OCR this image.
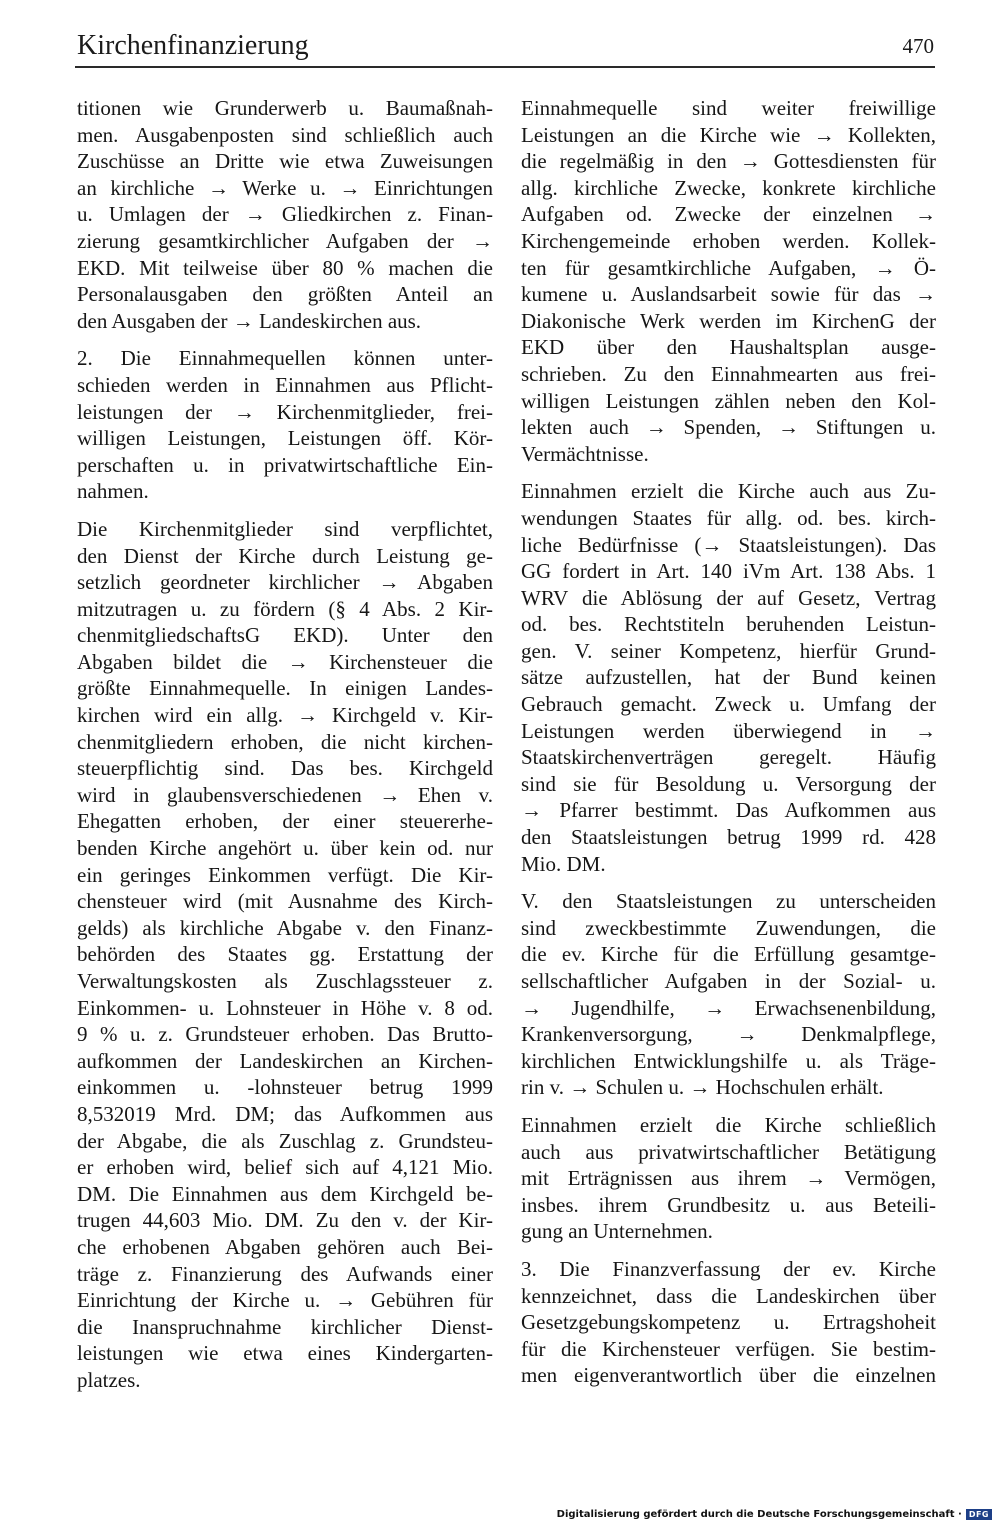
Kirchenfinanzierung	470
titionen wie Grunderwerb u. Baumaßnah-
men. Ausgabenposten sind schließlich auch
Zuschüsse an Dritte wie etwa Zuweisungen
an kirchliche → Werke u. → Einrichtungen
u. Umlagen der → Gliedkirchen z. Finan-
zierung gesamtkirchlicher Aufgaben der →
EKD. Mit teilweise über 80 % machen die
Personalausgaben den größten Anteil an
den Ausgaben der → Landeskirchen aus.
2. Die Einnahmequellen können unter-
schieden werden in Einnahmen aus Pflicht-
leistungen der → Kirchenmitglieder, frei-
willigen Leistungen, Leistungen öff. Kör-
perschaften u. in privatwirtschaftliche Ein-
nahmen.
Die Kirchenmitglieder sind verpflichtet,
den Dienst der Kirche durch Leistung ge-
setzlich geordneter kirchlicher → Abgaben
mitzutragen u. zu fördern (§ 4 Abs. 2 Kir-
chenmitgliedschaftsG EKD). Unter den
Abgaben bildet die → Kirchensteuer die
größte Einnahmequelle. In einigen Landes-
kirchen wird ein allg. → Kirchgeld v. Kir-
chenmitgliedern erhoben, die nicht kirchen-
steuerpflichtig sind. Das bes. Kirchgeld
wird in glaubensverschiedenen → Ehen v.
Ehegatten erhoben, der einer steuererhe-
benden Kirche angehört u. über kein od. nur
ein geringes Einkommen verfügt. Die Kir-
chensteuer wird (mit Ausnahme des Kirch-
gelds) als kirchliche Abgabe v. den Finanz-
behörden des Staates gg. Erstattung der
Verwaltungskosten als Zuschlagssteuer z.
Einkommen- u. Lohnsteuer in Höhe v. 8 od.
9 % u. z. Grundsteuer erhoben. Das Brutto-
aufkommen der Landeskirchen an Kirchen-
einkommen u. -lohnsteuer betrug 1999
8,532019 Mrd. DM; das Aufkommen aus
der Abgabe, die als Zuschlag z. Grundsteu-
er erhoben wird, belief sich auf 4,121 Mio.
DM. Die Einnahmen aus dem Kirchgeld be-
trugen 44,603 Mio. DM. Zu den v. der Kir-
che erhobenen Abgaben gehören auch Bei-
träge z. Finanzierung des Aufwands einer
Einrichtung der Kirche u. → Gebühren für
die Inanspruchnahme kirchlicher Dienst-
leistungen wie etwa eines Kindergarten-
platzes.
Einnahmequelle sind weiter freiwillige
Leistungen an die Kirche wie → Kollekten,
die regelmäßig in den → Gottesdiensten für
allg. kirchliche Zwecke, konkrete kirchliche
Aufgaben od. Zwecke der einzelnen →
Kirchengemeinde erhoben werden. Kollek-
ten für gesamtkirchliche Aufgaben, → Ö-
kumene u. Auslandsarbeit sowie für das →
Diakonische Werk werden im KirchenG der
EKD über den Haushaltsplan ausge-
schrieben. Zu den Einnahmearten aus frei-
willigen Leistungen zählen neben den Kol-
lekten auch → Spenden, → Stiftungen u.
Vermächtnisse.
Einnahmen erzielt die Kirche auch aus Zu-
wendungen Staates für allg. od. bes. kirch-
liche Bedürfnisse (→ Staatsleistungen). Das
GG fordert in Art. 140 iVm Art. 138 Abs. 1
WRV die Ablösung der auf Gesetz, Vertrag
od. bes. Rechtstiteln beruhenden Leistun-
gen. V. seiner Kompetenz, hierfür Grund-
sätze aufzustellen, hat der Bund keinen
Gebrauch gemacht. Zweck u. Umfang der
Leistungen werden überwiegend in →
Staatskirchenverträgen geregelt. Häufig
sind sie für Besoldung u. Versorgung der
→ Pfarrer bestimmt. Das Aufkommen aus
den Staatsleistungen betrug 1999 rd. 428
Mio. DM.
V. den Staatsleistungen zu unterscheiden
sind zweckbestimmte Zuwendungen, die
die ev. Kirche für die Erfüllung gesamtge-
sellschaftlicher Aufgaben in der Sozial- u.
→ Jugendhilfe, → Erwachsenenbildung,
Krankenversorgung, → Denkmalpflege,
kirchlichen Entwicklungshilfe u. als Träge-
rin v. → Schulen u. → Hochschulen erhält.
Einnahmen erzielt die Kirche schließlich
auch aus privatwirtschaftlicher Betätigung
mit Erträgnissen aus ihrem → Vermögen,
insbes. ihrem Grundbesitz u. aus Beteili-
gung an Unternehmen.
3. Die Finanzverfassung der ev. Kirche
kennzeichnet, dass die Landeskirchen über
Gesetzgebungskompetenz u. Ertragshoheit
für die Kirchensteuer verfügen. Sie bestim-
men eigenverantwortlich über die einzelnen
Digitalisierung gefördert durch die Deutsche Forschungsgemeinschaft · DFG
